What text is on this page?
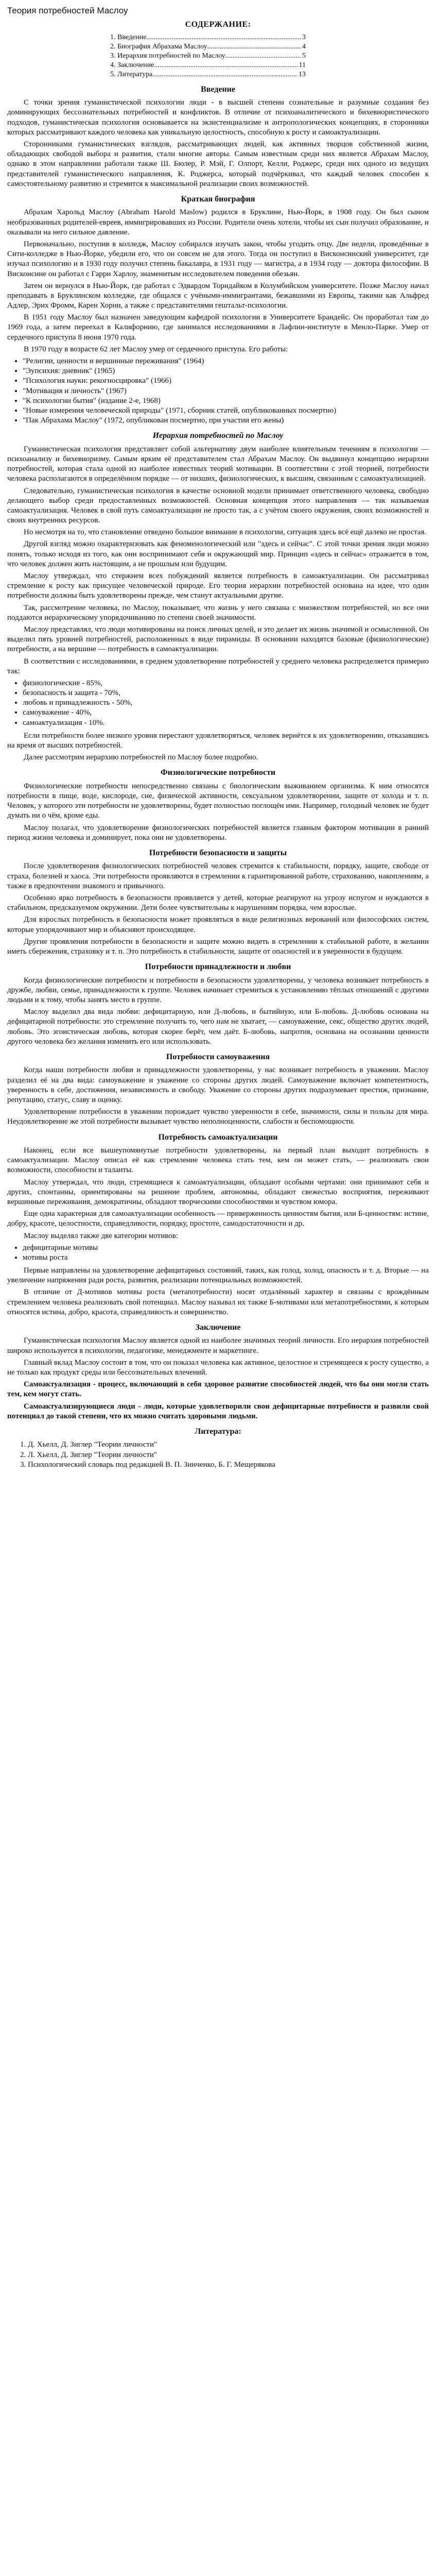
Теория потребностей Маслоу
СОДЕРЖАНИЕ:
1. Введение .....	3
2. Биография Абрахама Маслоу .....	4
3. Иерархия потребностей по Маслоу .....	5
4. Заключение .....	11
5. Литература .....	13
Введение

С точки зрения гуманистической психологии люди - в высшей степени сознательные и разумные создания без доминирующих бессознательных потребностей и конфликтов. В отличие от психоаналитического и бихевиористического подходов, гуманистическая психология основывается на экзистенциализме и антропологических концепциях, в сторонники которых рассматривают каждого человека как уникальную целостность, способную к росту и самоактуализации.

Сторонниками гуманистических взглядов, рассматривающих людей, как активных творцов собственной жизни, обладающих свободой выбора и развития, стали многие авторы. Самым известным среди них является Абрахам Маслоу, однако в этом направлении работали также Ш. Бюлер, Р. Мэй, Г. Олпорт, Келли, Роджерс, среди них одного из ведущих представителей гуманистического направления, К. Роджерса, который подчёркивал, что каждый человек способен к самостоятельному развитию и стремится к максимальной реализации своих возможностей.

Краткая биография

Абрахам Харольд Маслоу (Abraham Harold Maslow) родился в Бруклине, Нью-Йорк, в 1908 году. Он был сыном необразованных родителей-евреев, иммигрировавших из России. Родители очень хотели, чтобы их сын получил образование, и оказывали на него сильное давление.

Первоначально, поступив в колледж, Маслоу собирался изучать закон, чтобы угодить отцу. Две недели, проведённые в Сити-колледже в Нью-Йорке, убедили его, что он совсем не для этого. Тогда он поступил в Висконсинский университет, где изучал психологию и в 1930 году получил степень бакалавра, в 1931 году — магистра, а в 1934 году — доктора философии. В Висконсине он работал с Гарри Харлоу, знаменитым исследователем поведения обезьян.

Затем он вернулся в Нью-Йорк, где работал с Эдвардом Торндайком в Колумбийском университете. Позже Маслоу начал преподавать в Бруклинском колледже, где общался с учёными-иммигрантами, бежавшими из Европы, такими как Альфред Адлер, Эрих Фромм, Карен Хорни, а также с представителями гештальт-психологии.

В 1951 году Маслоу был назначен заведующим кафедрой психологии в Университете Брандейс. Он проработал там до 1969 года, а затем переехал в Калифорнию, где занимался исследованиями в Лафлин-институте в Менло-Парке. Умер от сердечного приступа 8 июня 1970 года.

В 1970 году в возрасте 62 лет Маслоу умер от сердечного приступа. Его работы:

• "Религии, ценности и вершинные переживания" (1964)
• "Эупсихия: дневник" (1965)
• "Психология науки: рекогносцировка" (1966)
• "Мотивация и личность" (1967)
• "К психологии бытия" (издание 2-е, 1968)
• "Новые измерения человеческой природы" (1971, сборник статей, опубликованных посмертно)
• "Пак Абрахама Маслоу" (1972, опубликован посмертно, при участии его жены)
Иерархия потребностей по Маслоу

Гуманистическая психология представляет собой альтернативу двум наиболее влиятельным течениям в психологии — психоанализу и бихевиоризму. Самым ярким её представителем стал Абрахам Маслоу. Он выдвинул концепцию иерархии потребностей, которая стала одной из наиболее известных теорий мотивации. В соответствии с этой теорией, потребности человека располагаются в определённом порядке — от низших, физиологических, к высшим, связанным с самоактуализацией.

Следовательно, гуманистическая психология в качестве основной модели принимает ответственного человека, свободно делающего выбор среди предоставленных возможностей. Основная концепция этого направления — так называемая самоактуализация. Человек в свой путь самоактуализации не просто так, а с учётом своего окружения, своих возможностей и своих внутренних ресурсов.

Но несмотря на то, что становление отведено большое внимание в психологии, ситуация здесь всё ещё далеко не простая.

Другой взгляд можно охарактеризовать как феноменологический или "здесь и сейчас". С этой точки зрения люди можно понять, только исходя из того, как они воспринимают себя и окружающий мир. Принцип «здесь и сейчас» отражается в том, что человек должен жить настоящим, а не прошлым или будущим.

Маслоу утверждал, что стержнем всех побуждений является потребность в самоактуализации. Он рассматривал стремление к росту как присущее человеческой природе. Его теория иерархии потребностей основана на идее, что одни потребности должны быть удовлетворены прежде, чем станут актуальными другие.

Так, рассмотрение человека, по Маслоу, показывает, что жизнь у него связана с множеством потребностей, но все они поддаются иерархическому упорядочиванию по степени своей значимости.

Маслоу представлял, что люди мотивированы на поиск личных целей, и это делает их жизнь значимой и осмысленной. Он выделил пять уровней потребностей, расположенных в виде пирамиды. В основании находятся базовые (физиологические) потребности, а на вершине — потребность в самоактуализации.

В соответствии с исследованиями, в среднем удовлетворение потребностей у среднего человека распределяется примерно так:

• физиологические - 85%,
• безопасность и защита - 70%,
• любовь и принадлежность - 50%,
• самоуважение - 40%,
• самоактуализация - 10%.

Если потребности более низкого уровня перестают удовлетворяться, человек вернётся к их удовлетворению, отказавшись на время от высших потребностей.

Далее рассмотрим иерархию потребностей по Маслоу более подробно.

Физиологические потребности

Физиологические потребности непосредственно связаны с биологическим выживанием организма. К ним относятся потребности в пище, воде, кислороде, сне, физической активности, сексуальном удовлетворении, защите от холода и т. п. Человек, у которого эти потребности не удовлетворены, будет полностью поглощён ими. Например, голодный человек не будет думать ни о чём, кроме еды.

Маслоу полагал, что удовлетворение физиологических потребностей является главным фактором мотивации в ранний период жизни человека и доминирует, пока они не удовлетворены.

Потребности безопасности и защиты

После удовлетворения физиологических потребностей человек стремится к стабильности, порядку, защите, свободе от страха, болезней и хаоса. Эти потребности проявляются в стремлении к гарантированной работе, страхованию, накоплениям, а также в предпочтении знакомого и привычного.

Особенно ярко потребность в безопасности проявляется у детей, которые реагируют на угрозу испугом и нуждаются в стабильном, предсказуемом окружении. Дети более чувствительны к нарушениям порядка, чем взрослые.

Для взрослых потребность в безопасности может проявляться в виде религиозных верований или философских систем, которые упорядочивают мир и объясняют происходящее.

Другие проявления потребности в безопасности и защите можно видеть в стремлении к стабильной работе, в желании иметь сбережения, страховку и т. п. Это потребность в стабильности, защите от опасностей и в уверенности в будущем.

Потребности принадлежности и любви

Когда физиологические потребности и потребности в безопасности удовлетворены, у человека возникает потребность в дружбе, любви, семье, принадлежности к группе. Человек начинает стремиться к установлению тёплых отношений с другими людьми и к тому, чтобы занять место в группе.

Маслоу выделил два вида любви: дефицитарную, или Д-любовь, и бытийную, или Б-любовь. Д-любовь основана на дефицитарной потребности: это стремление получить то, чего нам не хватает, — самоуважение, секс, общество других людей, любовь. Это эгоистическая любовь, которая скорее берёт, чем даёт. Б-любовь, напротив, основана на осознании ценности другого человека без желания изменить его или использовать.

Потребности самоуважения

Когда наши потребности любви и принадлежности удовлетворены, у нас возникает потребность в уважении. Маслоу разделил её на два вида: самоуважение и уважение со стороны других людей. Самоуважение включает компетентность, уверенность в себе, достижения, независимость и свободу. Уважение со стороны других подразумевает престиж, признание, репутацию, статус, славу и оценку.

Удовлетворение потребности в уважении порождает чувство уверенности в себе, значимости, силы и пользы для мира. Неудовлетворение же этой потребности вызывает чувство неполноценности, слабости и беспомощности.

Потребность самоактуализации

Наконец, если все вышеупомянутые потребности удовлетворены, на первый план выходит потребность в самоактуализации. Маслоу описал её как стремление человека стать тем, кем он может стать, — реализовать свои возможности, способности и таланты.

Маслоу утверждал, что люди, стремящиеся к самоактуализации, обладают особыми чертами: они принимают себя и других, спонтанны, ориентированы на решение проблем, автономны, обладают свежестью восприятия, переживают вершинные переживания, демократичны, обладают творческими способностями и чувством юмора.

Еще одна характерная для самоактуализации особенность — приверженность ценностям бытия, или Б-ценностям: истине, добру, красоте, целостности, справедливости, порядку, простоте, самодостаточности и др.

Маслоу выделял также две категории мотивов:

• дефицитарные мотивы
• мотивы роста

Первые направлены на удовлетворение дефицитарных состояний, таких, как голод, холод, опасность и т. д. Вторые — на увеличение напряжения ради роста, развития, реализации потенциальных возможностей.

В отличие от Д-мотивов мотивы роста (метапотребности) носят отдалённый характер и связаны с врождённым стремлением человека реализовать свой потенциал. Маслоу называл их также Б-мотивами или метапотребностями, к которым относятся истина, добро, красота, справедливость и совершенство.

Заключение

Гуманистическая психология Маслоу является одной из наиболее значимых теорий личности. Его иерархия потребностей широко используется в психологии, педагогике, менеджменте и маркетинге.

Главный вклад Маслоу состоит в том, что он показал человека как активное, целостное и стремящееся к росту существо, а не только как продукт среды или бессознательных влечений.

Самоактуализация - процесс, включающий в себя здоровое развитие способностей людей, что бы они могли стать тем, кем могут стать.

Самоактуализирующиеся люди - люди, которые удовлетворили свои дефицитарные потребности и развили свой потенциал до такой степени, что их можно считать здоровыми людьми.

Литература:
1. Д. Хьелл, Д. Зиглер "Теории личности"
2. Л. Хьелл, Д. Зиглер "Теории личности"
3. Психологический словарь под редакцией В. П. Зинченко, Б. Г. Мещерякова
